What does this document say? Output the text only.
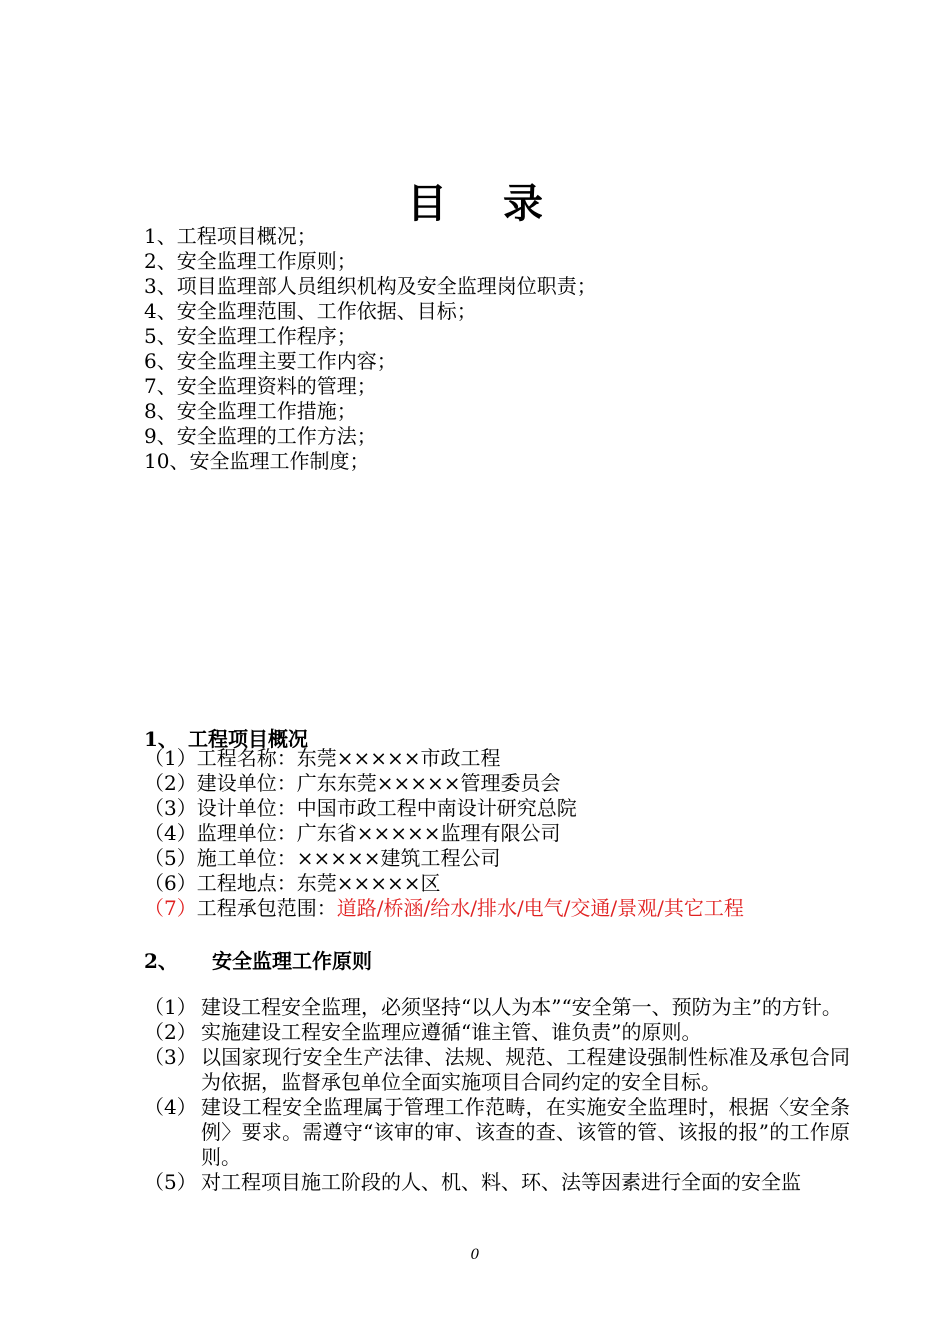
目 录
1、工程项目概况；
2、安全监理工作原则；
3、项目监理部人员组织机构及安全监理岗位职责；
4、安全监理范围、工作依据、目标；
5、安全监理工作程序；
6、安全监理主要工作内容；
7、安全监理资料的管理；
8、安全监理工作措施；
9、安全监理的工作方法；
10、安全监理工作制度；
1、 工程项目概况
（1）工程名称：东莞×××××市政工程
（2）建设单位：广东东莞×××××管理委员会
（3）设计单位：中国市政工程中南设计研究总院
（4）监理单位：广东省×××××监理有限公司
（5）施工单位：×××××建筑工程公司
（6）工程地点：东莞×××××区
（7）工程承包范围：道路/桥涵/给水/排水/电气/交通/景观/其它工程
2、 安全监理工作原则
（1） 建设工程安全监理，必须坚持“以人为本”“安全第一、预防为主”的方针。
（2） 实施建设工程安全监理应遵循“谁主管、谁负责”的原则。
（3） 以国家现行安全生产法律、法规、规范、工程建设强制性标准及承包合同为依据，监督承包单位全面实施项目合同约定的安全目标。
（4） 建设工程安全监理属于管理工作范畴，在实施安全监理时，根据〈安全条例〉要求。需遵守“该审的审、该查的查、该管的管、该报的报”的工作原则。
（5） 对工程项目施工阶段的人、机、料、环、法等因素进行全面的安全监
0
